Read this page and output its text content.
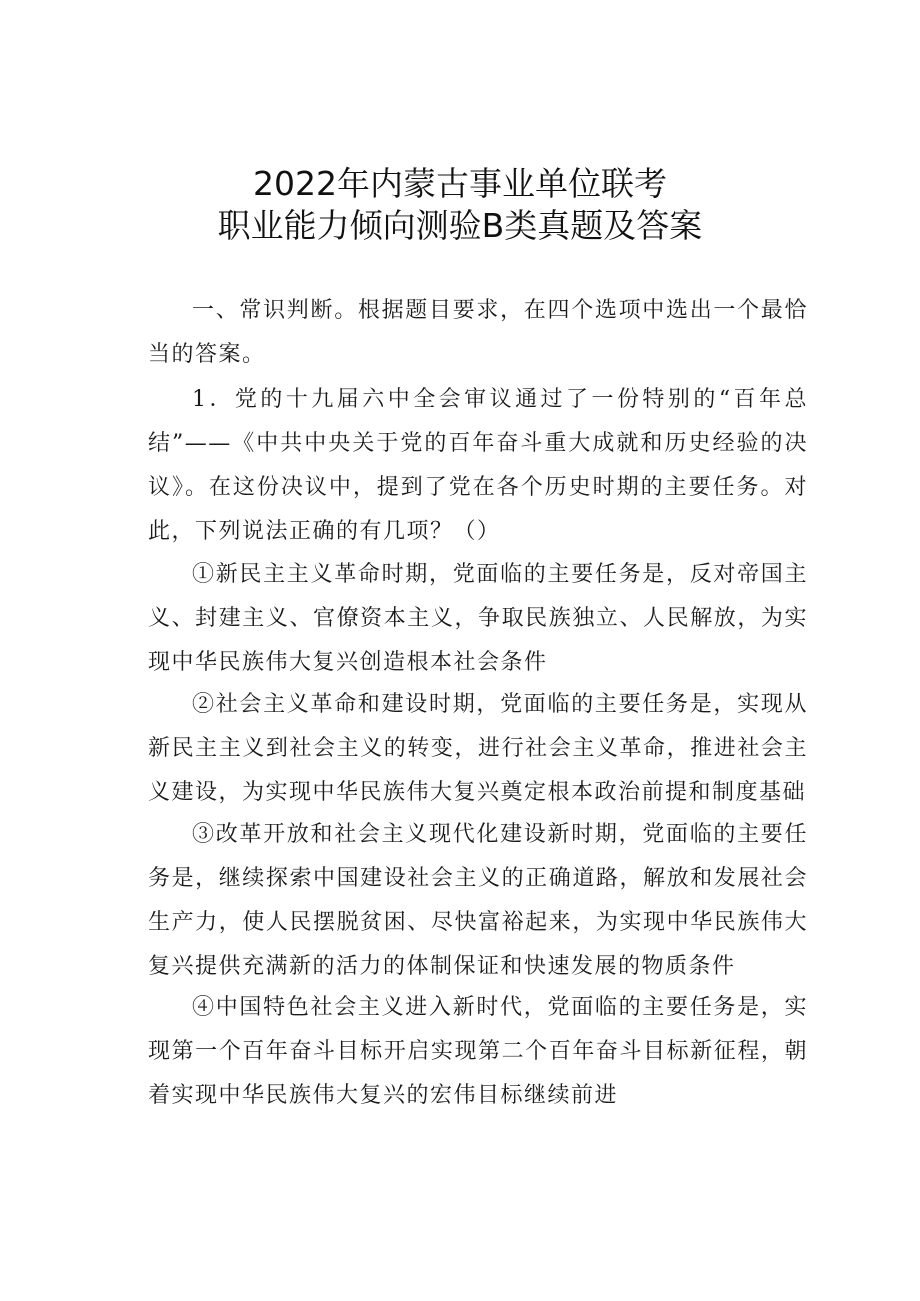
2022年内蒙古事业单位联考
职业能力倾向测验B类真题及答案
一、常识判断。根据题目要求，在四个选项中选出一个最恰当的答案。
1．党的十九届六中全会审议通过了一份特别的“百年总结”——《中共中央关于党的百年奋斗重大成就和历史经验的决议》。在这份决议中，提到了党在各个历史时期的主要任务。对此，下列说法正确的有几项？（）
①新民主主义革命时期，党面临的主要任务是，反对帝国主义、封建主义、官僚资本主义，争取民族独立、人民解放，为实现中华民族伟大复兴创造根本社会条件
②社会主义革命和建设时期，党面临的主要任务是，实现从新民主主义到社会主义的转变，进行社会主义革命，推进社会主义建设，为实现中华民族伟大复兴奠定根本政治前提和制度基础
③改革开放和社会主义现代化建设新时期，党面临的主要任务是，继续探索中国建设社会主义的正确道路，解放和发展社会生产力，使人民摆脱贫困、尽快富裕起来，为实现中华民族伟大复兴提供充满新的活力的体制保证和快速发展的物质条件
④中国特色社会主义进入新时代，党面临的主要任务是，实现第一个百年奋斗目标开启实现第二个百年奋斗目标新征程，朝着实现中华民族伟大复兴的宏伟目标继续前进
